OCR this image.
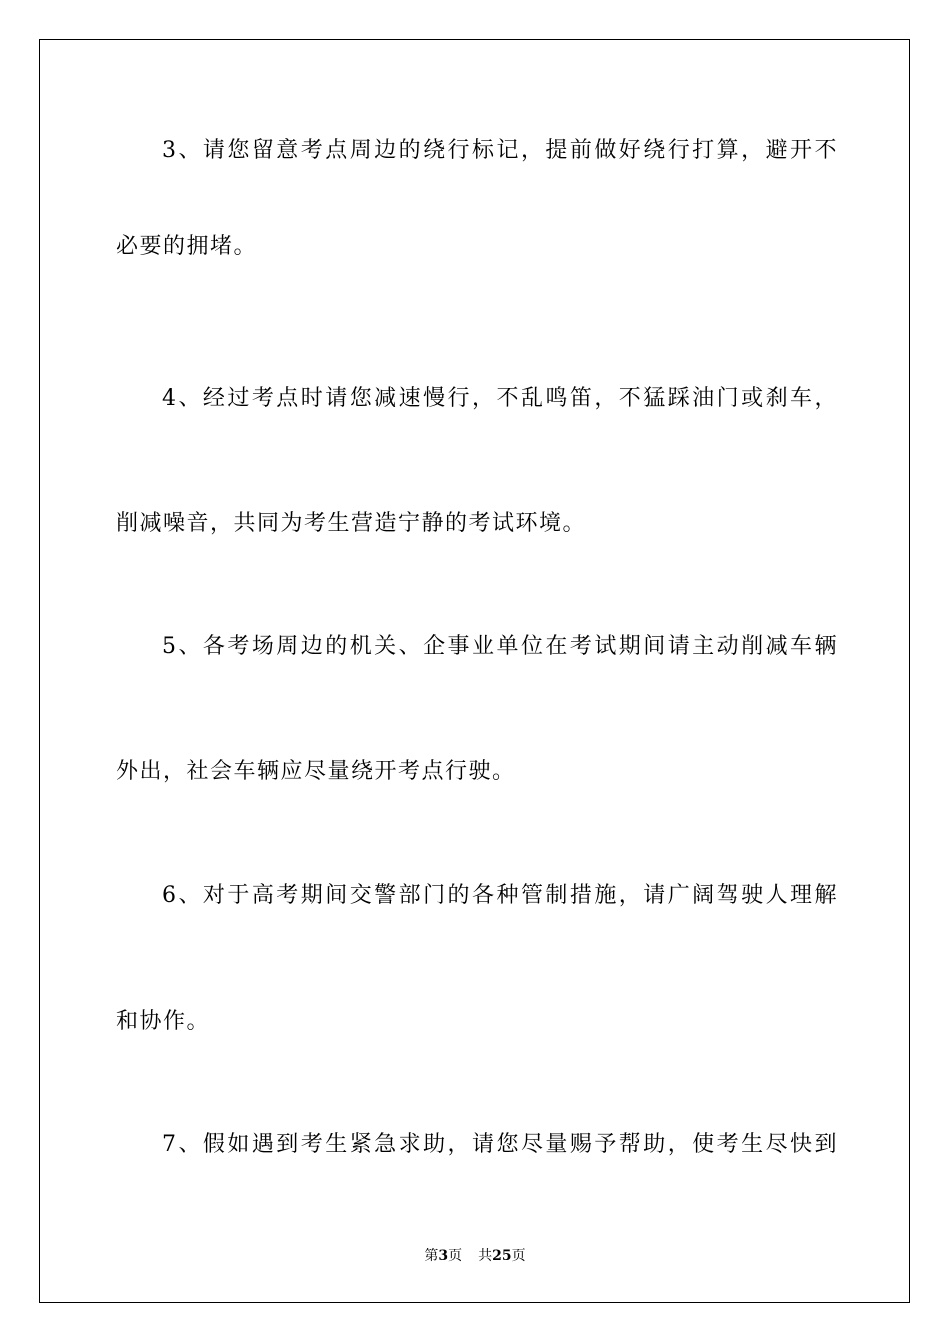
3、请您留意考点周边的绕行标记，提前做好绕行打算，避开不
必要的拥堵。
4、经过考点时请您减速慢行，不乱鸣笛，不猛踩油门或刹车，
削减噪音，共同为考生营造宁静的考试环境。
5、各考场周边的机关、企事业单位在考试期间请主动削减车辆
外出，社会车辆应尽量绕开考点行驶。
6、对于高考期间交警部门的各种管制措施，请广阔驾驶人理解
和协作。
7、假如遇到考生紧急求助，请您尽量赐予帮助，使考生尽快到
第3页 共25页
